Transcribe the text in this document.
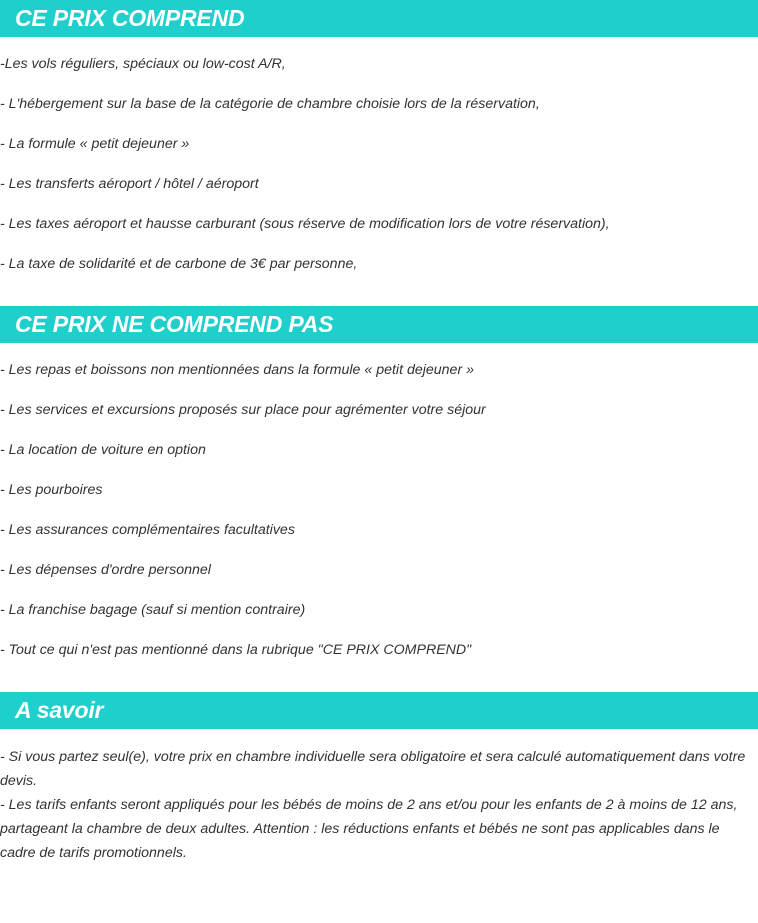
CE PRIX COMPREND
-Les vols réguliers, spéciaux ou low-cost A/R,
- L'hébergement sur la base de la catégorie de chambre choisie lors de la réservation,
- La formule « petit dejeuner »
- Les transferts aéroport / hôtel / aéroport
- Les taxes aéroport et hausse carburant (sous réserve de modification lors de votre réservation),
- La taxe de solidarité et de carbone de 3€ par personne,
CE PRIX NE COMPREND PAS
- Les repas et boissons non mentionnées dans la formule « petit dejeuner »
- Les services et excursions proposés sur place pour agrémenter votre séjour
- La location de voiture en option
- Les pourboires
- Les assurances complémentaires facultatives
- Les dépenses d'ordre personnel
- La franchise bagage (sauf si mention contraire)
- Tout ce qui n'est pas mentionné dans la rubrique "CE PRIX COMPREND"
A savoir

- Si vous partez seul(e), votre prix en chambre individuelle sera obligatoire et sera calculé automatiquement dans votre devis.

- Les tarifs enfants seront appliqués pour les bébés de moins de 2 ans et/ou pour les enfants de 2 à moins de 12 ans, partageant la chambre de deux adultes. Attention : les réductions enfants et bébés ne sont pas applicables dans le cadre de tarifs promotionnels.
